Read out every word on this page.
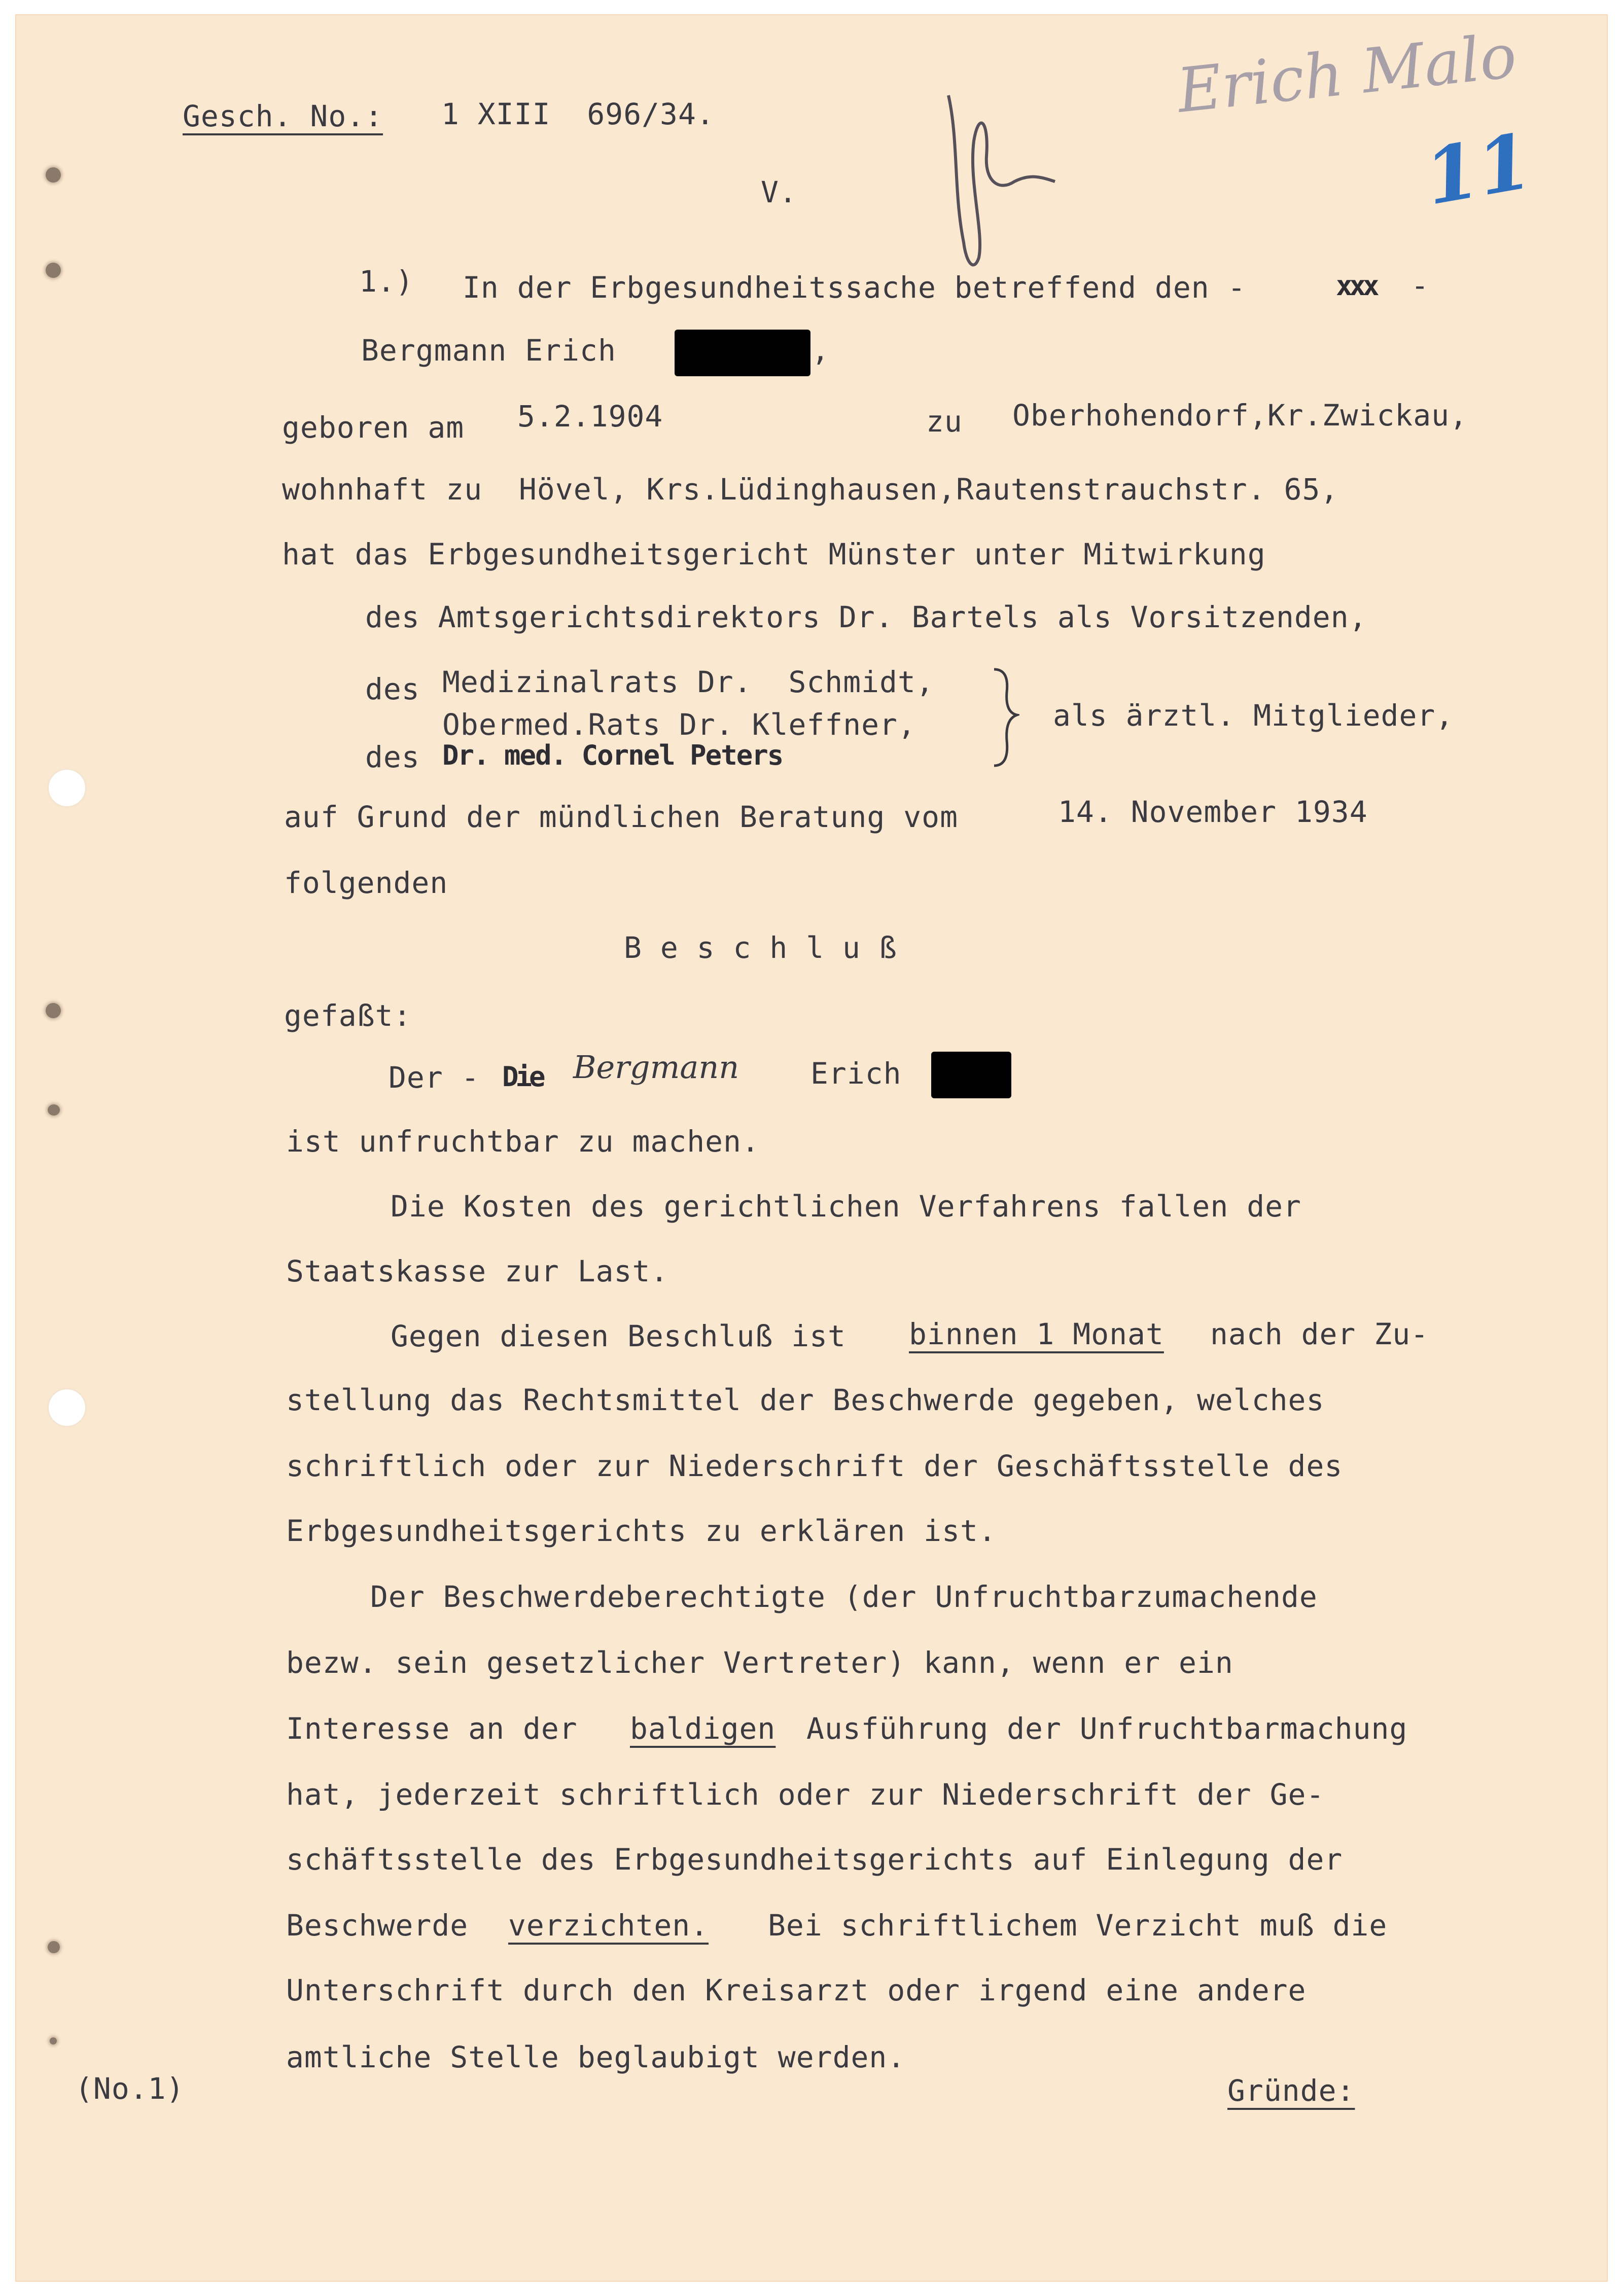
Gesch. No.: 1 XIII  696/34.
V.
Erich Malo
11
1.) In der Erbgesundheitssache betreffend den -	xxx -
Bergmann Erich	,
geboren am 5.2.1904	zu Oberhohendorf,Kr.Zwickau,
wohnhaft zu  Hövel, Krs.Lüdinghausen,Rautenstrauchstr. 65,
hat das Erbgesundheitsgericht Münster unter Mitwirkung
des Amtsgerichtsdirektors Dr. Bartels als Vorsitzenden,
des Medizinalrats Dr.  Schmidt,
Obermed.Rats Dr. Kleffner,
des Dr. med. Cornel Peters
als ärztl. Mitglieder,
auf Grund der mündlichen Beratung vom	14. November 1934
folgenden
B e s c h l u ß
gefaßt:
Der - Die Bergmann Erich
ist unfruchtbar zu machen.
Die Kosten des gerichtlichen Verfahrens fallen der
Staatskasse zur Last.
Gegen diesen Beschluß ist binnen 1 Monat nach der Zu-
stellung das Rechtsmittel der Beschwerde gegeben, welches
schriftlich oder zur Niederschrift der Geschäftsstelle des
Erbgesundheitsgerichts zu erklären ist.
Der Beschwerdeberechtigte (der Unfruchtbarzumachende
bezw. sein gesetzlicher Vertreter) kann, wenn er ein
Interesse an der baldigen Ausführung der Unfruchtbarmachung
hat, jederzeit schriftlich oder zur Niederschrift der Ge-
schäftsstelle des Erbgesundheitsgerichts auf Einlegung der
Beschwerde verzichten. Bei schriftlichem Verzicht muß die
Unterschrift durch den Kreisarzt oder irgend eine andere
amtliche Stelle beglaubigt werden.
(No.1)	Gründe:
